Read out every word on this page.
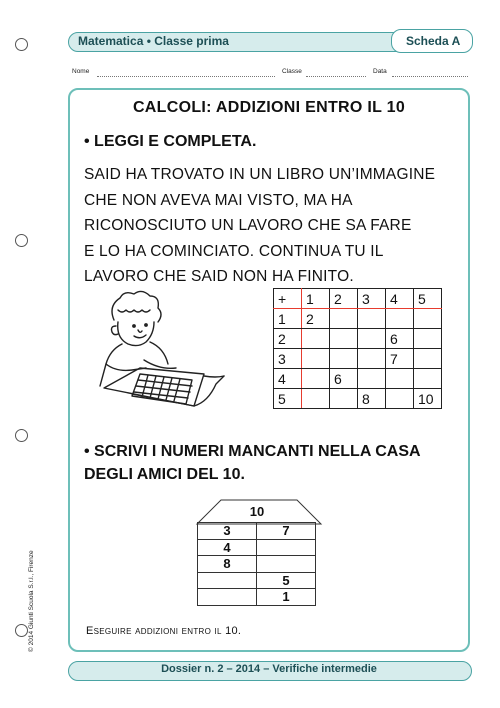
Matematica • Classe prima	Scheda A
Nome	Classe	Data
CALCOLI: ADDIZIONI ENTRO IL 10
• LEGGI E COMPLETA.
SAID HA TROVATO IN UN LIBRO UN’IMMAGINE
CHE NON AVEVA MAI VISTO, MA HA
RICONOSCIUTO UN LAVORO CHE SA FARE
E LO HA COMINCIATO. CONTINUA TU IL
LAVORO CHE SAID NON HA FINITO.
+	1	2	3	4	5
1	2				
2				6	
3				7	
4		6			
5			8		10
• SCRIVI I NUMERI MANCANTI NELLA CASA
DEGLI AMICI DEL 10.
10
3	7
4	
8	
	5
	1
Eseguire addizioni entro il 10.
Dossier n. 2 – 2014 – Verifiche intermedie
© 2014 Giunti Scuola S.r.l., Firenze
